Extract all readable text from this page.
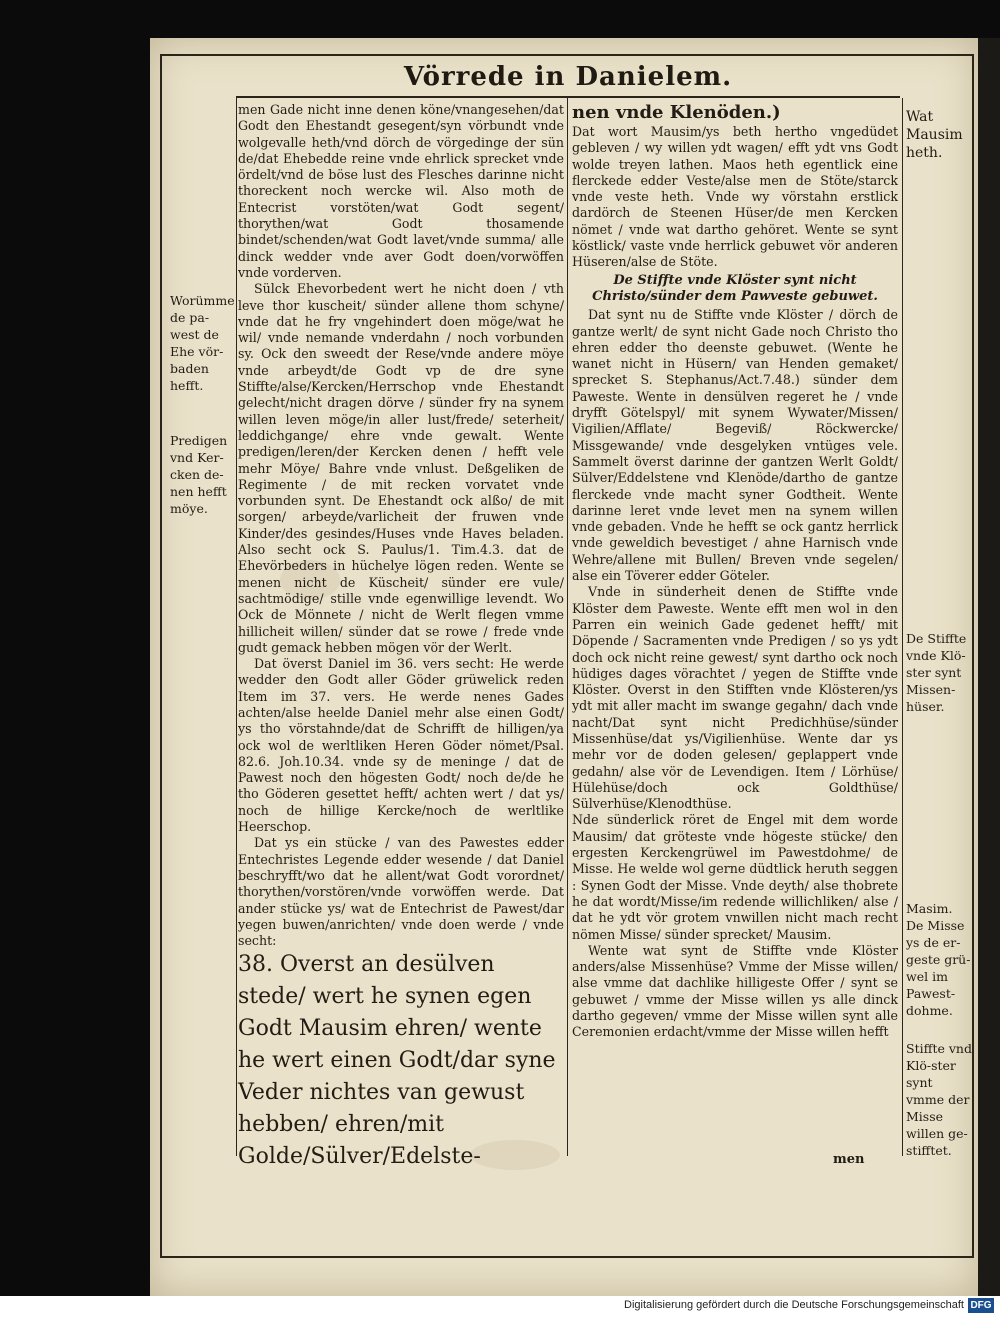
Vörrede in Danielem.

men Gade nicht inne denen köne/vnangesehen/dat Godt den Ehestandt gesegent/syn vörbundt vnde wolgevalle heth/vnd dörch de vörgedinge der sün de/dat Ehebedde reine vnde ehrlick sprecket vnde ördelt/vnd de böse lust des Flesches darinne nicht thoreckent noch wercke wil. Also moth de Entecrist vorstöten/wat Godt segent/ thorythen/wat Godt thosamende bindet/schenden/wat Godt lavet/vnde summa/ alle dinck wedder vnde aver Godt doen/vorwöffen vnde vorderven.

Sülck Ehevorbedent wert he nicht doen / vth leve thor kuscheit/ sünder allene thom schyne/ vnde dat he fry vngehindert doen möge/wat he wil/ vnde nemande vnderdahn / noch vorbunden sy. Ock den sweedt der Rese/vnde andere möye vnde arbeydt/de Godt vp de dre syne Stiffte/alse/Kercken/Herrschop vnde Ehestandt gelecht/nicht dragen dörve / sünder fry na synem willen leven möge/in aller lust/frede/ seterheit/ leddichgange/ ehre vnde gewalt. Wente predigen/leren/der Kercken denen / hefft vele mehr Möye/ Bahre vnde vnlust. Deßgeliken de Regimente / de mit recken vorvatet vnde vorbunden synt. De Ehestandt ock alßo/ de mit sorgen/ arbeyde/varlicheit der fruwen vnde Kinder/des gesindes/Huses vnde Haves beladen. Also secht ock S. Paulus/1. Tim.4.3. dat de Ehevörbeders in hüchelye lögen reden. Wente se menen nicht de Küscheit/ sünder ere vule/ sachtmödige/ stille vnde egenwillige levendt. Wo Ock de Mönnete / nicht de Werlt flegen vmme hillicheit willen/ sünder dat se rowe / frede vnde gudt gemack hebben mögen vör der Werlt.

Dat överst Daniel im 36. vers secht: He werde wedder den Godt aller Göder grüwelick reden Item im 37. vers. He werde nenes Gades achten/alse heelde Daniel mehr alse einen Godt/ ys tho vörstahnde/dat de Schrifft de hilligen/ya ock wol de werltliken Heren Göder nömet/Psal. 82.6. Joh.10.34. vnde sy de meninge / dat de Pawest noch den högesten Godt/ noch de/de he tho Göderen gesettet hefft/ achten wert / dat ys/ noch de hillige Kercke/noch de werltlike Heerschop.

Dat ys ein stücke / van des Pawestes edder Entechristes Legende edder wesende / dat Daniel beschryfft/wo dat he allent/wat Godt vorordnet/ thorythen/vorstören/vnde vorwöffen werde. Dat ander stücke ys/ wat de Entechrist de Pawest/dar yegen buwen/anrichten/ vnde doen werde / vnde secht:

38. Overst an desülven stede/ wert he synen egen Godt Mausim ehren/ wente he wert einen Godt/dar syne Veder nichtes van gewust hebben/ ehren/mit Golde/Sülver/Edelste-

nen vnde Klenöden.)

Dat wort Mausim/ys beth hertho vngedüdet gebleven / wy willen ydt wagen/ efft ydt vns Godt wolde treyen lathen. Maos heth egentlick eine flerckede edder Veste/alse men de Stöte/starck vnde veste heth. Vnde wy vörstahn erstlick dardörch de Steenen Hüser/de men Kercken nömet / vnde wat dartho gehöret. Wente se synt köstlick/ vaste vnde herrlick gebuwet vör anderen Hüseren/alse de Stöte.

De Stiffte vnde Klöster synt nicht Christo/sünder dem Pawveste gebuwet.

Dat synt nu de Stiffte vnde Klöster / dörch de gantze werlt/ de synt nicht Gade noch Christo tho ehren edder tho deenste gebuwet. (Wente he wanet nicht in Hüsern/ van Henden gemaket/ sprecket S. Stephanus/Act.7.48.) sünder dem Paweste. Wente in densülven regeret he / vnde dryfft Götelspyl/ mit synem Wywater/Missen/ Vigilien/Afflate/ Begeviß/ Röckwercke/ Missgewande/ vnde desgelyken vntüges vele. Sammelt överst darinne der gantzen Werlt Goldt/ Sülver/Eddelstene vnd Klenöde/dartho de gantze flerckede vnde macht syner Godtheit. Wente darinne leret vnde levet men na synem willen vnde gebaden. Vnde he hefft se ock gantz herrlick vnde geweldich bevestiget / ahne Harnisch vnde Wehre/allene mit Bullen/ Breven vnde segelen/ alse ein Töverer edder Göteler.

Vnde in sünderheit denen de Stiffte vnde Klöster dem Paweste. Wente efft men wol in den Parren ein weinich Gade gedenet hefft/ mit Döpende / Sacramenten vnde Predigen / so ys ydt doch ock nicht reine gewest/ synt dartho ock noch hüdiges dages vörachtet / yegen de Stiffte vnde Klöster. Overst in den Stifften vnde Klösteren/ys ydt mit aller macht im swange gegahn/ dach vnde nacht/Dat synt nicht Predichhüse/sünder Missenhüse/dat ys/Vigilienhüse. Wente dar ys mehr vor de doden gelesen/ geplappert vnde gedahn/ alse vör de Levendigen. Item / Lörhüse/ Hülehüse/doch ock Goldthüse/ Sülverhüse/Klenodthüse.

Nde sünderlick röret de Engel mit dem worde Mausim/ dat gröteste vnde högeste stücke/ den ergesten Kerckengrüwel im Pawestdohme/ de Misse. He welde wol gerne düdtlick heruth seggen : Synen Godt der Misse. Vnde deyth/ alse thobrete he dat wordt/Misse/im redende willichliken/ alse / dat he ydt vör grotem vnwillen nicht mach recht nömen Misse/ sünder sprecket/ Mausim.

Wente wat synt de Stiffte vnde Klöster anders/alse Missenhüse? Vmme der Misse willen/ alse vmme dat dachlike hilligeste Offer / synt se gebuwet / vmme der Misse willen ys alle dinck dartho gegeven/ vmme der Misse willen synt alle Ceremonien erdacht/vmme der Misse willen hefft

Worümme de pa-west de Ehe vör-baden hefft.
Predigen vnd Ker-cken de-nen hefft möye.
Wat Mausim heth.
De Stiffte vnde Klö-ster synt Missen-hüser.
Masim. De Misse ys de er-geste grü-wel im Pawest-dohme.
Stiffte vnd Klö-ster synt vmme der Misse willen ge-stifftet.
men
Digitalisierung gefördert durch die Deutsche Forschungsgemeinschaft DFG
